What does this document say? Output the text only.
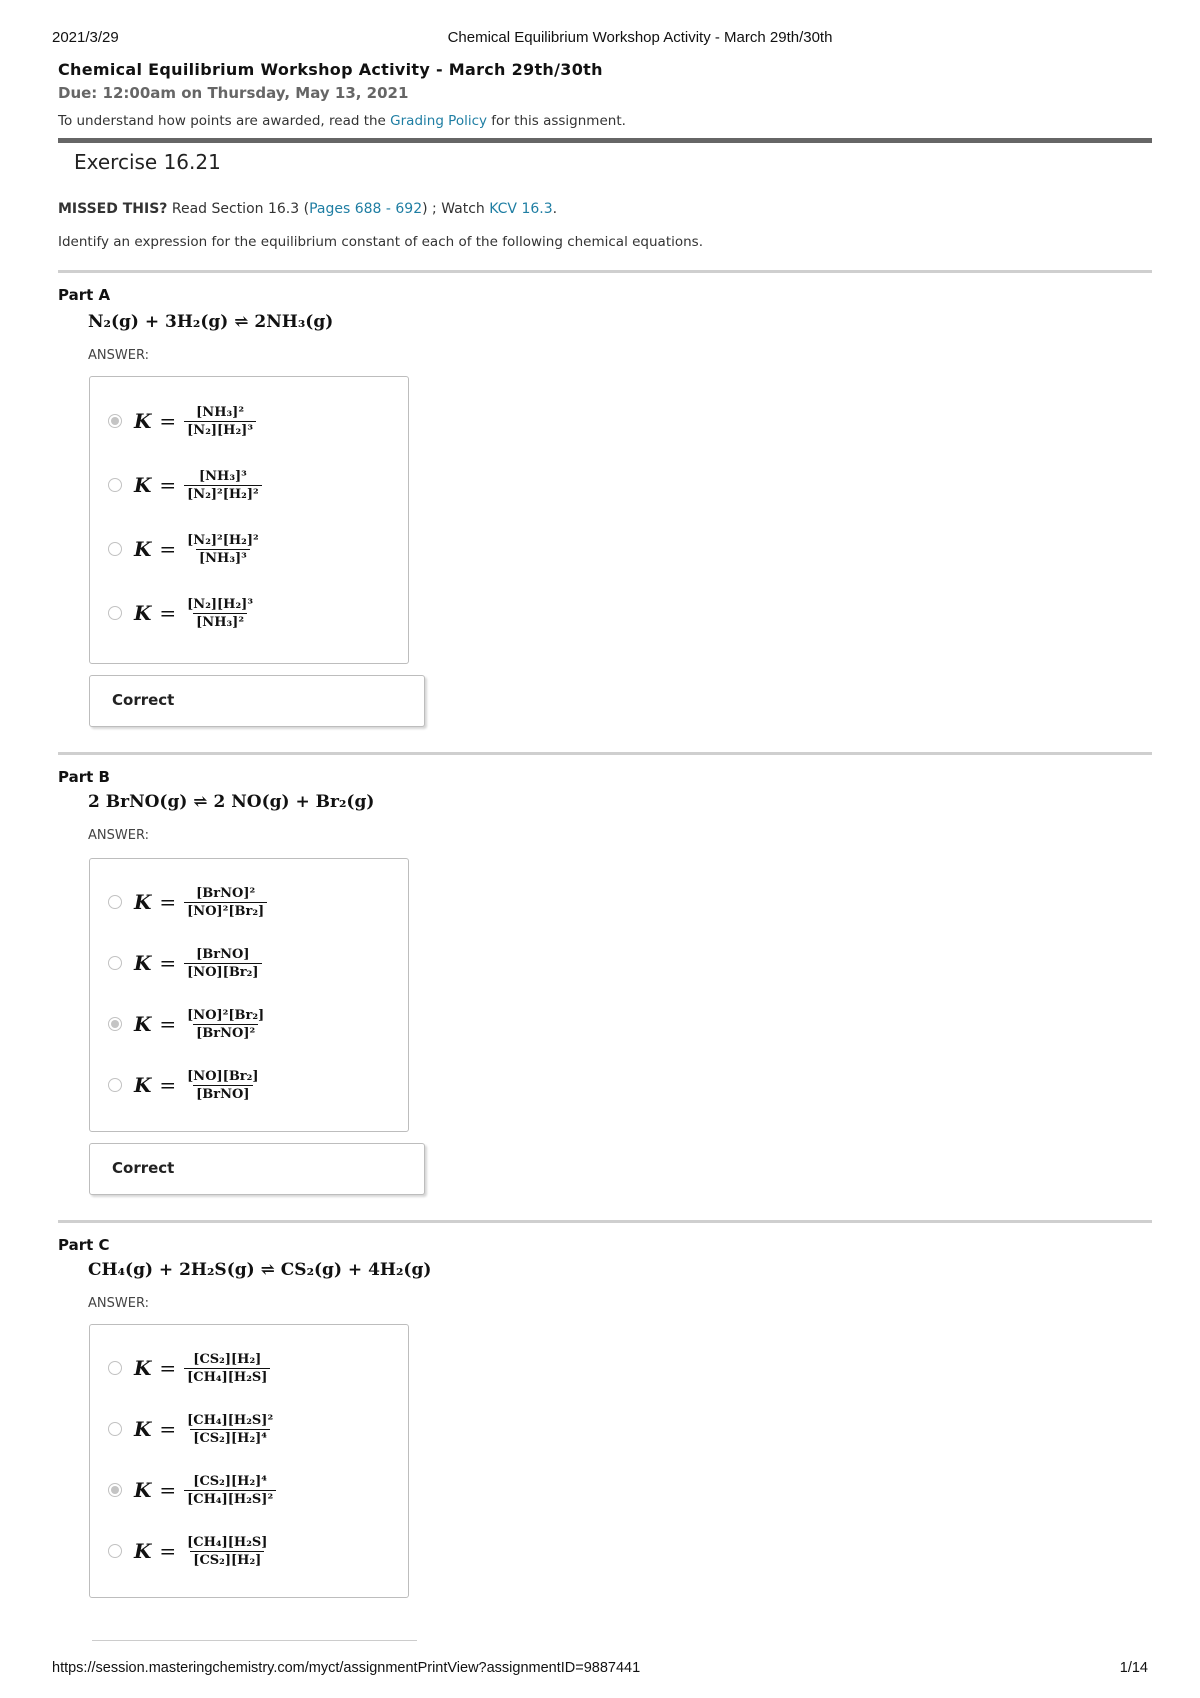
2021/3/29	Chemical Equilibrium Workshop Activity - March 29th/30th
Chemical Equilibrium Workshop Activity - March 29th/30th
Due: 12:00am on Thursday, May 13, 2021
To understand how points are awarded, read the Grading Policy for this assignment.
Exercise 16.21
MISSED THIS? Read Section 16.3 (Pages 688 - 692) ; Watch KCV 16.3.
Identify an expression for the equilibrium constant of each of the following chemical equations.
Part A
N₂(g) + 3H₂(g) ⇌ 2NH₃(g)
ANSWER:
$K = \frac{\text{[NH₃]²}}{\text{[N₂][H₂]³}}$
$K = \frac{\text{[NH₃]³}}{\text{[N₂]²[H₂]²}}$
$K = \frac{\text{[N₂]²[H₂]²}}{\text{[NH₃]³}}$
$K = \frac{\text{[N₂][H₂]³}}{\text{[NH₃]²}}$
Correct
Part B
2 BrNO(g) ⇌ 2 NO(g) + Br₂(g)
ANSWER:
$K = \frac{\text{[BrNO]²}}{\text{[NO]²[Br₂]}}$
$K = \frac{\text{[BrNO]}}{\text{[NO][Br₂]}}$
$K = \frac{\text{[NO]²[Br₂]}}{\text{[BrNO]²}}$
$K = \frac{\text{[NO][Br₂]}}{\text{[BrNO]}}$
Correct
Part C
CH₄(g) + 2H₂S(g) ⇌ CS₂(g) + 4H₂(g)
ANSWER:
$K = \frac{\text{[CS₂][H₂]}}{\text{[CH₄][H₂S]}}$
$K = \frac{\text{[CH₄][H₂S]²}}{\text{[CS₂][H₂]⁴}}$
$K = \frac{\text{[CS₂][H₂]⁴}}{\text{[CH₄][H₂S]²}}$
$K = \frac{\text{[CH₄][H₂S]}}{\text{[CS₂][H₂]}}$
https://session.masteringchemistry.com/myct/assignmentPrintView?assignmentID=9887441	1/14
